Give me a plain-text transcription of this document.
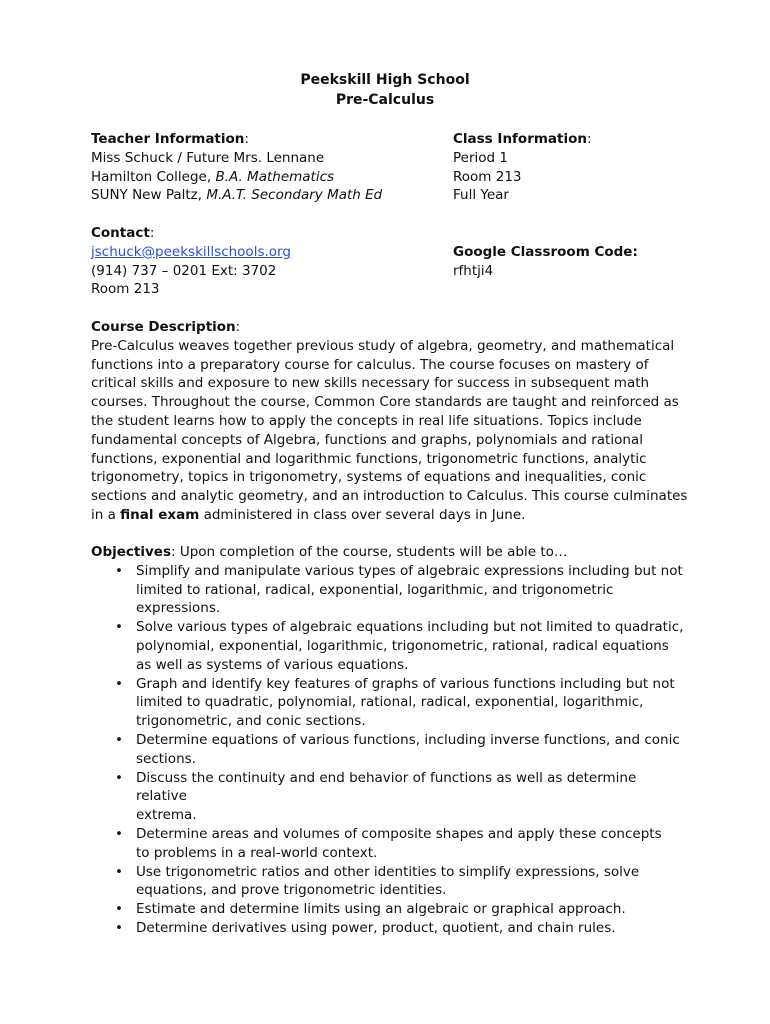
Peekskill High School
Pre-Calculus
Teacher Information:
Miss Schuck / Future Mrs. Lennane
Hamilton College, B.A. Mathematics
SUNY New Paltz, M.A.T. Secondary Math Ed
Class Information:
Period 1
Room 213
Full Year
Contact:
jschuck@peekskillschools.org
(914) 737 – 0201 Ext: 3702
Room 213
Google Classroom Code:
rfhtji4
Course Description:
Pre-Calculus weaves together previous study of algebra, geometry, and mathematical
functions into a preparatory course for calculus. The course focuses on mastery of
critical skills and exposure to new skills necessary for success in subsequent math
courses. Throughout the course, Common Core standards are taught and reinforced as
the student learns how to apply the concepts in real life situations. Topics include
fundamental concepts of Algebra, functions and graphs, polynomials and rational
functions, exponential and logarithmic functions, trigonometric functions, analytic
trigonometry, topics in trigonometry, systems of equations and inequalities, conic
sections and analytic geometry, and an introduction to Calculus. This course culminates
in a final exam administered in class over several days in June.
Objectives: Upon completion of the course, students will be able to…
• Simplify and manipulate various types of algebraic expressions including but not
limited to rational, radical, exponential, logarithmic, and trigonometric
expressions.
• Solve various types of algebraic equations including but not limited to quadratic,
polynomial, exponential, logarithmic, trigonometric, rational, radical equations
as well as systems of various equations.
• Graph and identify key features of graphs of various functions including but not
limited to quadratic, polynomial, rational, radical, exponential, logarithmic,
trigonometric, and conic sections.
• Determine equations of various functions, including inverse functions, and conic
sections.
• Discuss the continuity and end behavior of functions as well as determine relative
extrema.
• Determine areas and volumes of composite shapes and apply these concepts
to problems in a real-world context.
• Use trigonometric ratios and other identities to simplify expressions, solve
equations, and prove trigonometric identities.
• Estimate and determine limits using an algebraic or graphical approach.
• Determine derivatives using power, product, quotient, and chain rules.
